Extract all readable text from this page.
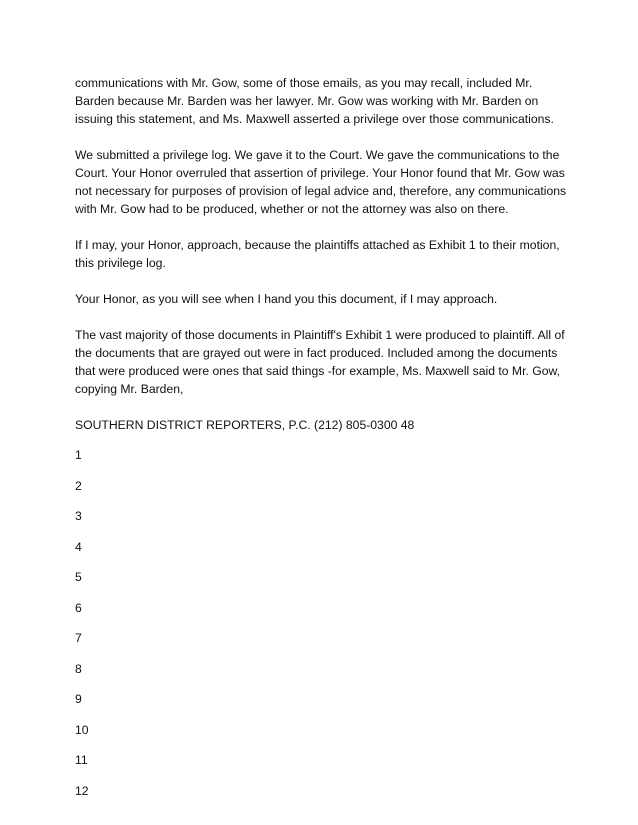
communications with Mr. Gow, some of those emails, as you may recall, included Mr. Barden because Mr. Barden was her lawyer. Mr. Gow was working with Mr. Barden on issuing this statement, and Ms. Maxwell asserted a privilege over those communications.

We submitted a privilege log. We gave it to the Court. We gave the communications to the Court. Your Honor overruled that assertion of privilege. Your Honor found that Mr. Gow was not necessary for purposes of provision of legal advice and, therefore, any communications with Mr. Gow had to be produced, whether or not the attorney was also on there.

If I may, your Honor, approach, because the plaintiffs attached as Exhibit 1 to their motion, this privilege log.

Your Honor, as you will see when I hand you this document, if I may approach.

The vast majority of those documents in Plaintiff's Exhibit 1 were produced to plaintiff. All of the documents that are grayed out were in fact produced. Included among the documents that were produced were ones that said things -for example, Ms. Maxwell said to Mr. Gow, copying Mr. Barden,

SOUTHERN DISTRICT REPORTERS, P.C. (212) 805-0300 48

1
2
3
4
5
6
7
8
9
10
11
12
